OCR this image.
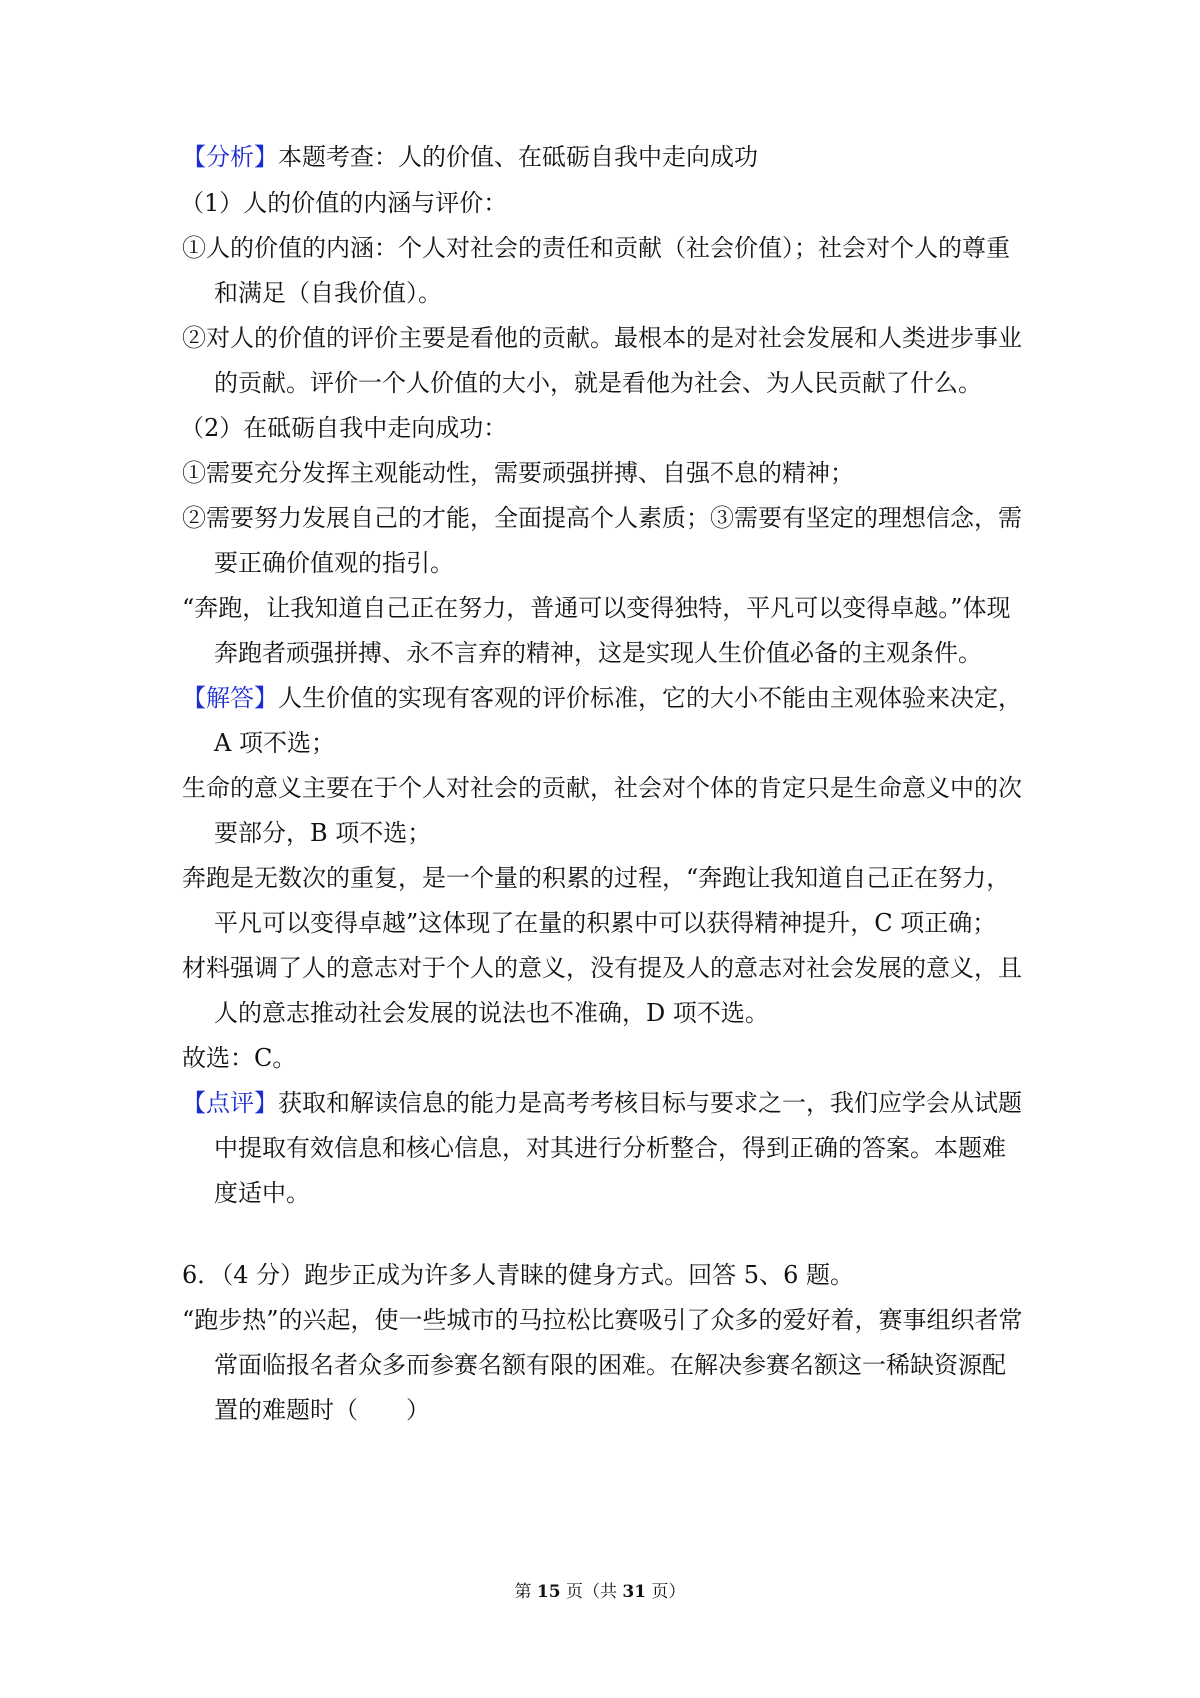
【分析】本题考查：人的价值、在砥砺自我中走向成功
（1）人的价值的内涵与评价：
①人的价值的内涵：个人对社会的责任和贡献（社会价值）；社会对个人的尊重
和满足（自我价值）。
②对人的价值的评价主要是看他的贡献。最根本的是对社会发展和人类进步事业
的贡献。评价一个人价值的大小，就是看他为社会、为人民贡献了什么。
（2）在砥砺自我中走向成功：
①需要充分发挥主观能动性，需要顽强拼搏、自强不息的精神；
②需要努力发展自己的才能，全面提高个人素质；③需要有坚定的理想信念，需
要正确价值观的指引。
“奔跑，让我知道自己正在努力，普通可以变得独特，平凡可以变得卓越。”体现
奔跑者顽强拼搏、永不言弃的精神，这是实现人生价值必备的主观条件。
【解答】人生价值的实现有客观的评价标准，它的大小不能由主观体验来决定，
A 项不选；
生命的意义主要在于个人对社会的贡献，社会对个体的肯定只是生命意义中的次
要部分，B 项不选；
奔跑是无数次的重复，是一个量的积累的过程，“奔跑让我知道自己正在努力，
平凡可以变得卓越”这体现了在量的积累中可以获得精神提升，C 项正确；
材料强调了人的意志对于个人的意义，没有提及人的意志对社会发展的意义，且
人的意志推动社会发展的说法也不准确，D 项不选。
故选：C。
【点评】获取和解读信息的能力是高考考核目标与要求之一，我们应学会从试题
中提取有效信息和核心信息，对其进行分析整合，得到正确的答案。本题难
度适中。
6．（4 分）跑步正成为许多人青睐的健身方式。回答 5、6 题。
“跑步热”的兴起，使一些城市的马拉松比赛吸引了众多的爱好着，赛事组织者常
常面临报名者众多而参赛名额有限的困难。在解决参赛名额这一稀缺资源配
置的难题时（　　）
第 15 页（共 31 页）
